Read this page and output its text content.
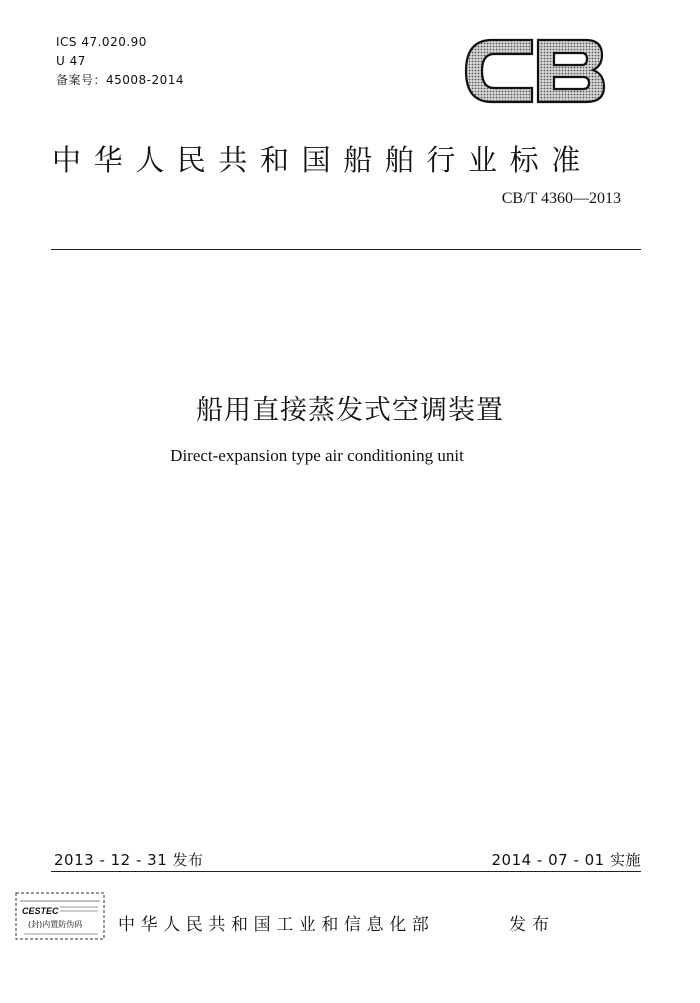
ICS 47.020.90
U 47
备案号：45008-2014
中华人民共和国船舶行业标准
CB/T 4360—2013
船用直接蒸发式空调装置
Direct-expansion type air conditioning unit
2013 - 12 - 31 发布	2014 - 07 - 01 实施
CESTEC
(封)内置防伪码 中华人民共和国工业和信息化部	发布
